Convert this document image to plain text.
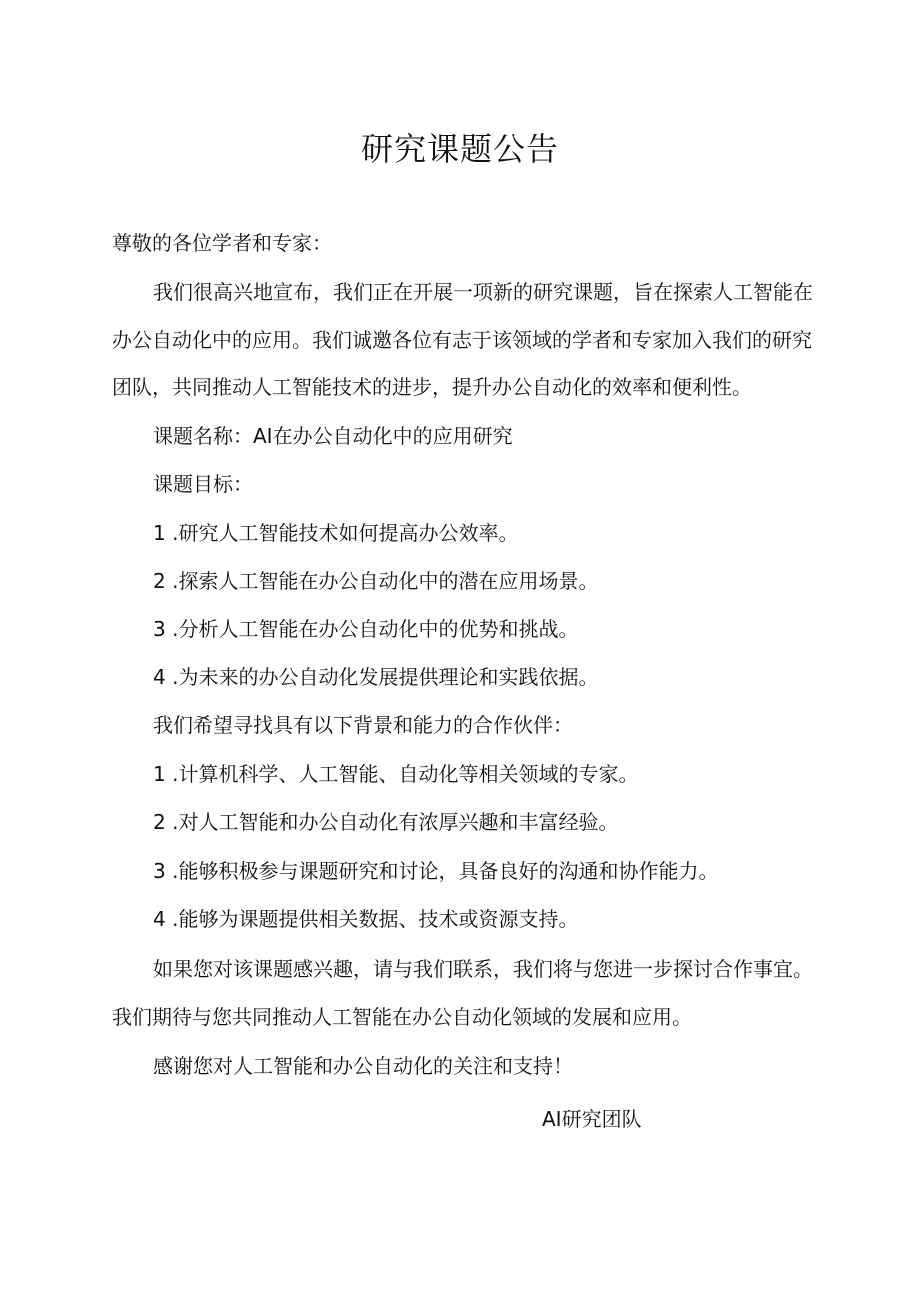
研究课题公告

尊敬的各位学者和专家：

我们很高兴地宣布，我们正在开展一项新的研究课题，旨在探索人工智能在

办公自动化中的应用。我们诚邀各位有志于该领域的学者和专家加入我们的研究

团队，共同推动人工智能技术的进步，提升办公自动化的效率和便利性。

课题名称：AI在办公自动化中的应用研究

课题目标：

1 .研究人工智能技术如何提高办公效率。

2 .探索人工智能在办公自动化中的潜在应用场景。

3 .分析人工智能在办公自动化中的优势和挑战。

4 .为未来的办公自动化发展提供理论和实践依据。

我们希望寻找具有以下背景和能力的合作伙伴：

1 .计算机科学、人工智能、自动化等相关领域的专家。

2 .对人工智能和办公自动化有浓厚兴趣和丰富经验。

3 .能够积极参与课题研究和讨论，具备良好的沟通和协作能力。

4 .能够为课题提供相关数据、技术或资源支持。

如果您对该课题感兴趣，请与我们联系，我们将与您进一步探讨合作事宜。

我们期待与您共同推动人工智能在办公自动化领域的发展和应用。

感谢您对人工智能和办公自动化的关注和支持！

AI研究团队
